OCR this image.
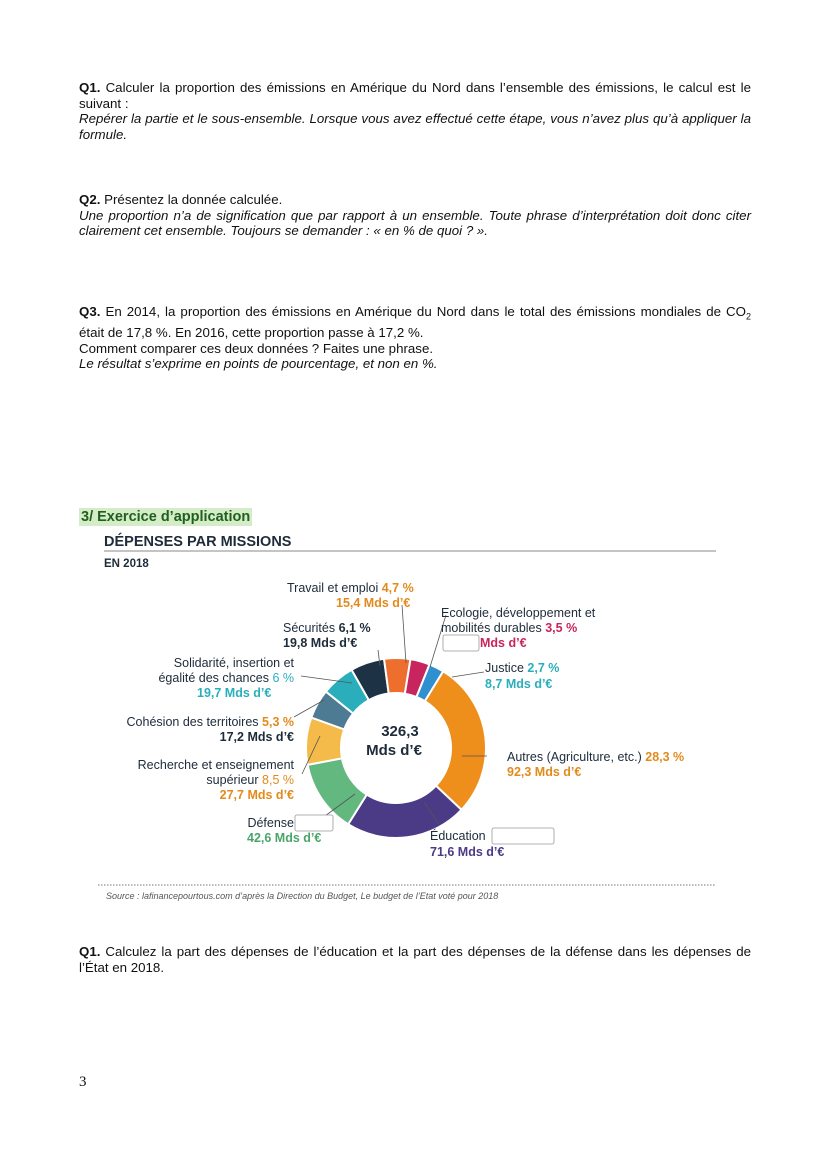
Q1. Calculer la proportion des émissions en Amérique du Nord dans l’ensemble des émissions, le calcul est le suivant :

Repérer la partie et le sous-ensemble. Lorsque vous avez effectué cette étape, vous n’avez plus qu’à appliquer la formule.

Q2. Présentez la donnée calculée.

Une proportion n’a de signification que par rapport à un ensemble. Toute phrase d’interprétation doit donc citer clairement cet ensemble. Toujours se demander : « en % de quoi ? ».

Q3. En 2014, la proportion des émissions en Amérique du Nord dans le total des émissions mondiales de $CO_2$ était de 17,8 %. En 2016, cette proportion passe à 17,2 %.

Comment comparer ces deux données ? Faites une phrase.

Le résultat s’exprime en points de pourcentage, et non en %.

3/ Exercice d’application
DÉPENSES PAR MISSIONS
EN 2018
326,3
Mds d’€
Travail et emploi 4,7 %
15,4 Mds d’€
Sécurités 6,1 %
19,8 Mds d’€
Ecologie, développement et
mobilités durables 3,5 %
Mds d’€
Solidarité, insertion et
égalité des chances 6 %
19,7 Mds d’€
Justice 2,7 %
8,7 Mds d’€
Cohésion des territoires 5,3 %
17,2 Mds d’€
Autres (Agriculture, etc.) 28,3 %
92,3 Mds d’€
Recherche et enseignement
supérieur 8,5 %
27,7 Mds d’€
Défense
42,6 Mds d’€	Éducation
71,6 Mds d’€
Source : lafinancepourtous.com d’après la Direction du Budget, Le budget de l’Etat voté pour 2018

Q1. Calculez la part des dépenses de l’éducation et la part des dépenses de la défense dans les dépenses de l’État en 2018.

3
